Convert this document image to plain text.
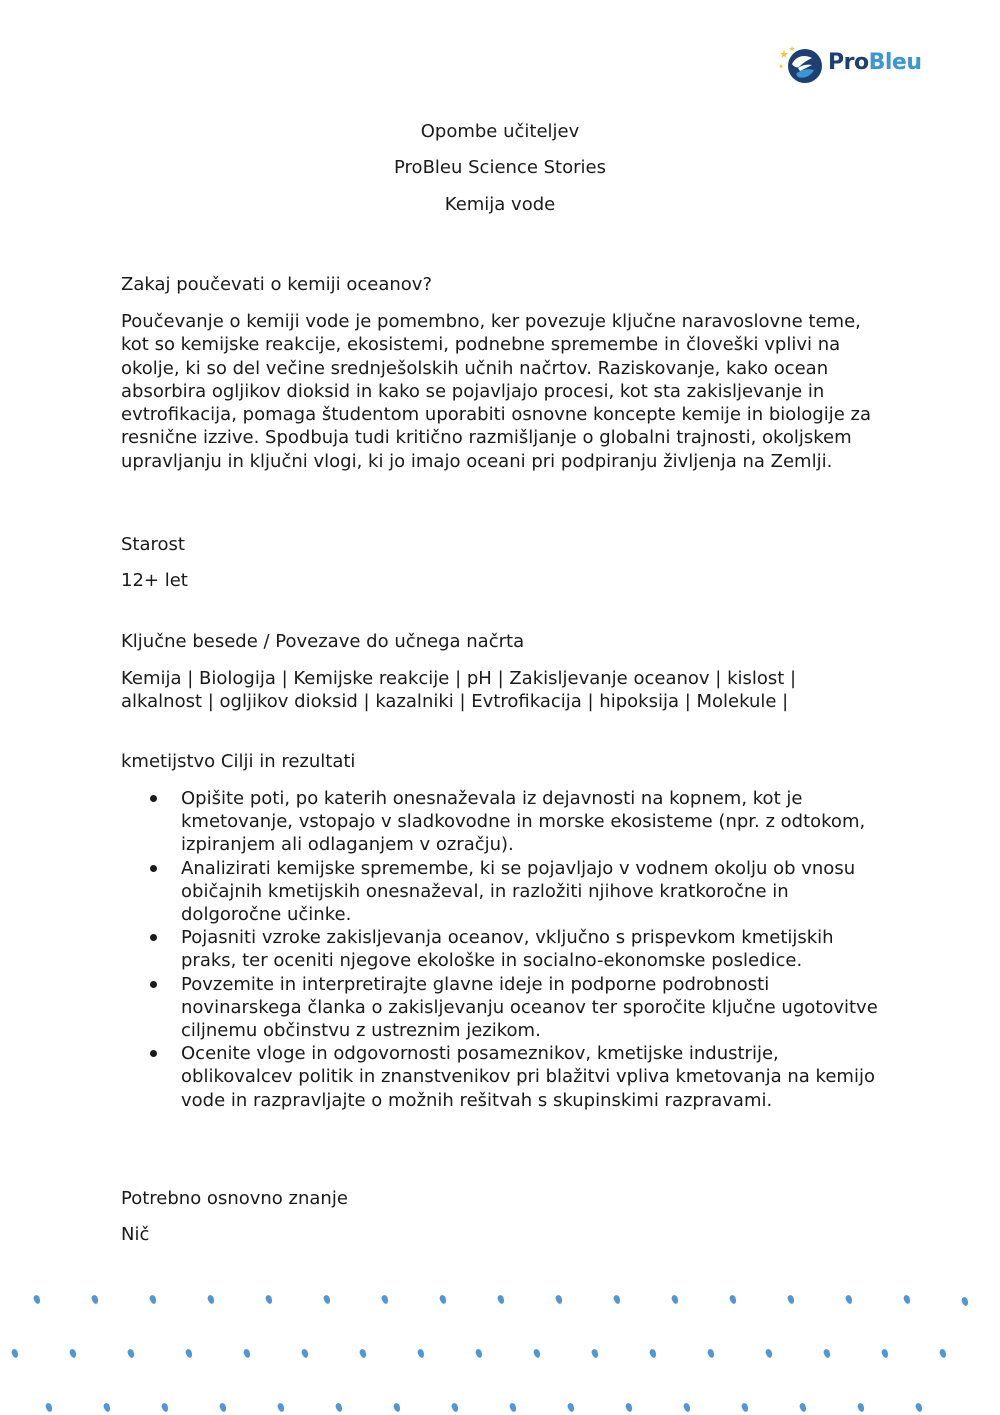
ProBleu
Opombe učiteljev
ProBleu Science Stories
Kemija vode
Zakaj poučevati o kemiji oceanov?
Poučevanje o kemiji vode je pomembno, ker povezuje ključne naravoslovne teme, kot so kemijske reakcije, ekosistemi, podnebne spremembe in človeški vplivi na okolje, ki so del večine srednješolskih učnih načrtov. Raziskovanje, kako ocean absorbira ogljikov dioksid in kako se pojavljajo procesi, kot sta zakisljevanje in evtrofikacija, pomaga študentom uporabiti osnovne koncepte kemije in biologije za resnične izzive. Spodbuja tudi kritično razmišljanje o globalni trajnosti, okoljskem upravljanju in ključni vlogi, ki jo imajo oceani pri podpiranju življenja na Zemlji.
Starost
12+ let
Ključne besede / Povezave do učnega načrta
Kemija | Biologija | Kemijske reakcije | pH | Zakisljevanje oceanov | kislost | alkalnost | ogljikov dioksid | kazalniki | Evtrofikacija | hipoksija | Molekule |
kmetijstvo Cilji in rezultati
Opišite poti, po katerih onesnaževala iz dejavnosti na kopnem, kot je kmetovanje, vstopajo v sladkovodne in morske ekosisteme (npr. z odtokom, izpiranjem ali odlaganjem v ozračju).
Analizirati kemijske spremembe, ki se pojavljajo v vodnem okolju ob vnosu običajnih kmetijskih onesnaževal, in razložiti njihove kratkoročne in dolgoročne učinke.
Pojasniti vzroke zakisljevanja oceanov, vključno s prispevkom kmetijskih praks, ter oceniti njegove ekološke in socialno-ekonomske posledice.
Povzemite in interpretirajte glavne ideje in podporne podrobnosti novinarskega članka o zakisljevanju oceanov ter sporočite ključne ugotovitve ciljnemu občinstvu z ustreznim jezikom.
Ocenite vloge in odgovornosti posameznikov, kmetijske industrije, oblikovalcev politik in znanstvenikov pri blažitvi vpliva kmetovanja na kemijo vode in razpravljajte o možnih rešitvah s skupinskimi razpravami.
Potrebno osnovno znanje
Nič
